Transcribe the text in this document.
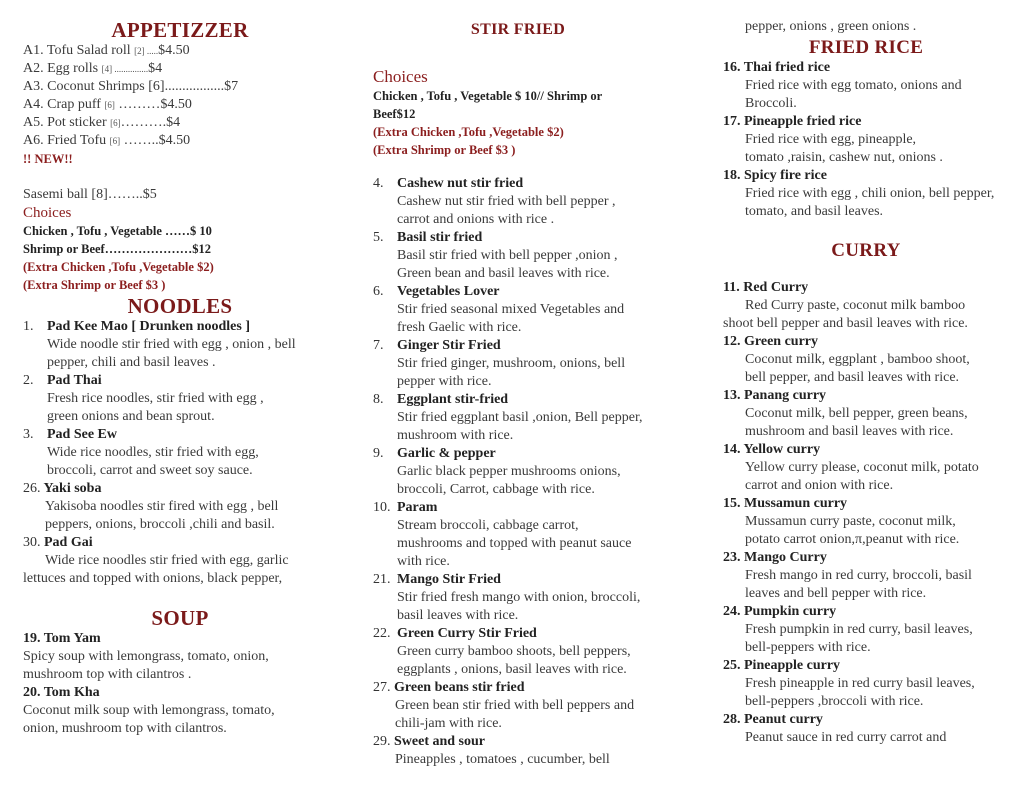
APPETIZZER
A1. Tofu Salad roll [2] .....$4.50
A2. Egg rolls [4] ...............$4
A3. Coconut Shrimps [6].................$7
A4. Crap puff [6] ………$4.50
A5. Pot sticker [6]……….$4
A6. Fried Tofu [6] ……..$4.50
!! NEW!!
Sasemi ball [8]……..$5
Choices
Chicken , Tofu , Vegetable ……$ 10
Shrimp or Beef…………………$12
(Extra Chicken ,Tofu ,Vegetable $2)
(Extra Shrimp or Beef $3 )
NOODLES
1. Pad Kee Mao [ Drunken noodles ]
Wide noodle stir fried with egg , onion , bell
pepper, chili and basil leaves .
2. Pad Thai
Fresh rice noodles, stir fried with egg ,
green onions and bean sprout.
3. Pad See Ew
Wide rice noodles, stir fried with egg,
broccoli, carrot and sweet soy sauce.
26. Yaki soba
Yakisoba noodles stir fired with egg , bell
peppers, onions, broccoli ,chili and basil.
30. Pad Gai
Wide rice noodles stir fried with egg, garlic
lettuces and topped with onions, black pepper,
SOUP
19. Tom Yam
Spicy soup with lemongrass, tomato, onion,
mushroom top with cilantros .
20. Tom Kha
Coconut milk soup with lemongrass, tomato,
onion, mushroom top with cilantros.
STIR FRIED
Choices
Chicken , Tofu , Vegetable $ 10// Shrimp or
Beef$12
(Extra Chicken ,Tofu ,Vegetable $2)
(Extra Shrimp or Beef $3 )
4. Cashew nut stir fried
Cashew nut stir fried with bell pepper ,
carrot and onions with rice .
5. Basil stir fried
Basil stir fried with bell pepper ,onion ,
Green bean and basil leaves with rice.
6. Vegetables Lover
Stir fried seasonal mixed Vegetables and
fresh Gaelic with rice.
7. Ginger Stir Fried
Stir fried ginger, mushroom, onions, bell
pepper with rice.
8. Eggplant stir-fried
Stir fried eggplant basil ,onion, Bell pepper,
mushroom with rice.
9. Garlic & pepper
Garlic black pepper mushrooms onions,
broccoli, Carrot, cabbage with rice.
10. Param
Stream broccoli, cabbage carrot,
mushrooms and topped with peanut sauce
with rice.
21. Mango Stir Fried
Stir fried fresh mango with onion, broccoli,
basil leaves with rice.
22. Green Curry Stir Fried
Green curry bamboo shoots, bell peppers,
eggplants , onions, basil leaves with rice.
27. Green beans stir fried
Green bean stir fried with bell peppers and
chili-jam with rice.
29. Sweet and sour
Pineapples , tomatoes , cucumber, bell
pepper, onions , green onions .
FRIED RICE
16. Thai fried rice
Fried rice with egg tomato, onions and
Broccoli.
17. Pineapple fried rice
Fried rice with egg, pineapple,
tomato ,raisin, cashew nut, onions .
18. Spicy fire rice
Fried rice with egg , chili onion, bell pepper,
tomato, and basil leaves.
CURRY
11. Red Curry
Red Curry paste, coconut milk bamboo
shoot bell pepper and basil leaves with rice.
12. Green curry
Coconut milk, eggplant , bamboo shoot,
bell pepper, and basil leaves with rice.
13. Panang curry
Coconut milk, bell pepper, green beans,
mushroom and basil leaves with rice.
14. Yellow curry
Yellow curry please, coconut milk, potato
carrot and onion with rice.
15. Mussamun curry
Mussamun curry paste, coconut milk,
potato carrot onion,π,peanut with rice.
23. Mango Curry
Fresh mango in red curry, broccoli, basil
leaves and bell pepper with rice.
24. Pumpkin curry
Fresh pumpkin in red curry, basil leaves,
bell-peppers with rice.
25. Pineapple curry
Fresh pineapple in red curry basil leaves,
bell-peppers ,broccoli with rice.
28. Peanut curry
Peanut sauce in red curry carrot and
